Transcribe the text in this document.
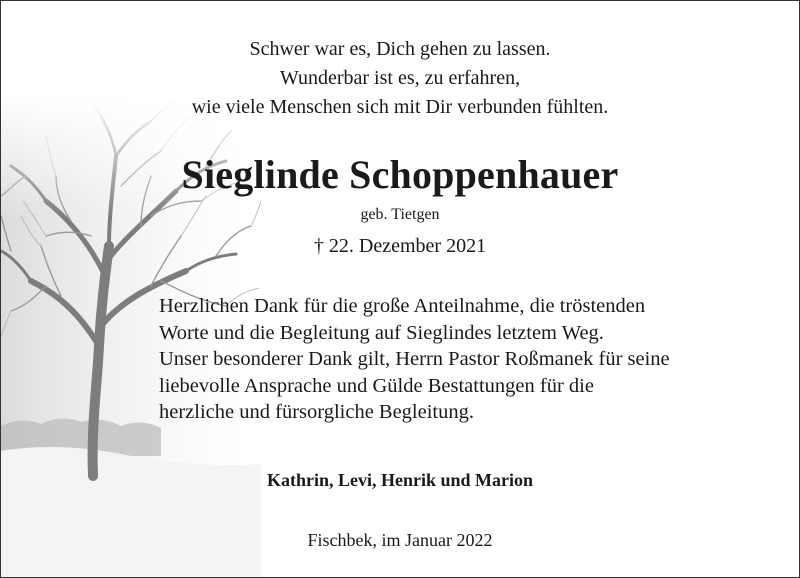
Schwer war es, Dich gehen zu lassen.
Wunderbar ist es, zu erfahren,
wie viele Menschen sich mit Dir verbunden fühlten.
Sieglinde Schoppenhauer
geb. Tietgen
† 22. Dezember 2021
Herzlichen Dank für die große Anteilnahme, die tröstenden
Worte und die Begleitung auf Sieglindes letztem Weg.
Unser besonderer Dank gilt, Herrn Pastor Roßmanek für seine
liebevolle Ansprache und Gülde Bestattungen für die
herzliche und fürsorgliche Begleitung.
Kathrin, Levi, Henrik und Marion
Fischbek, im Januar 2022
